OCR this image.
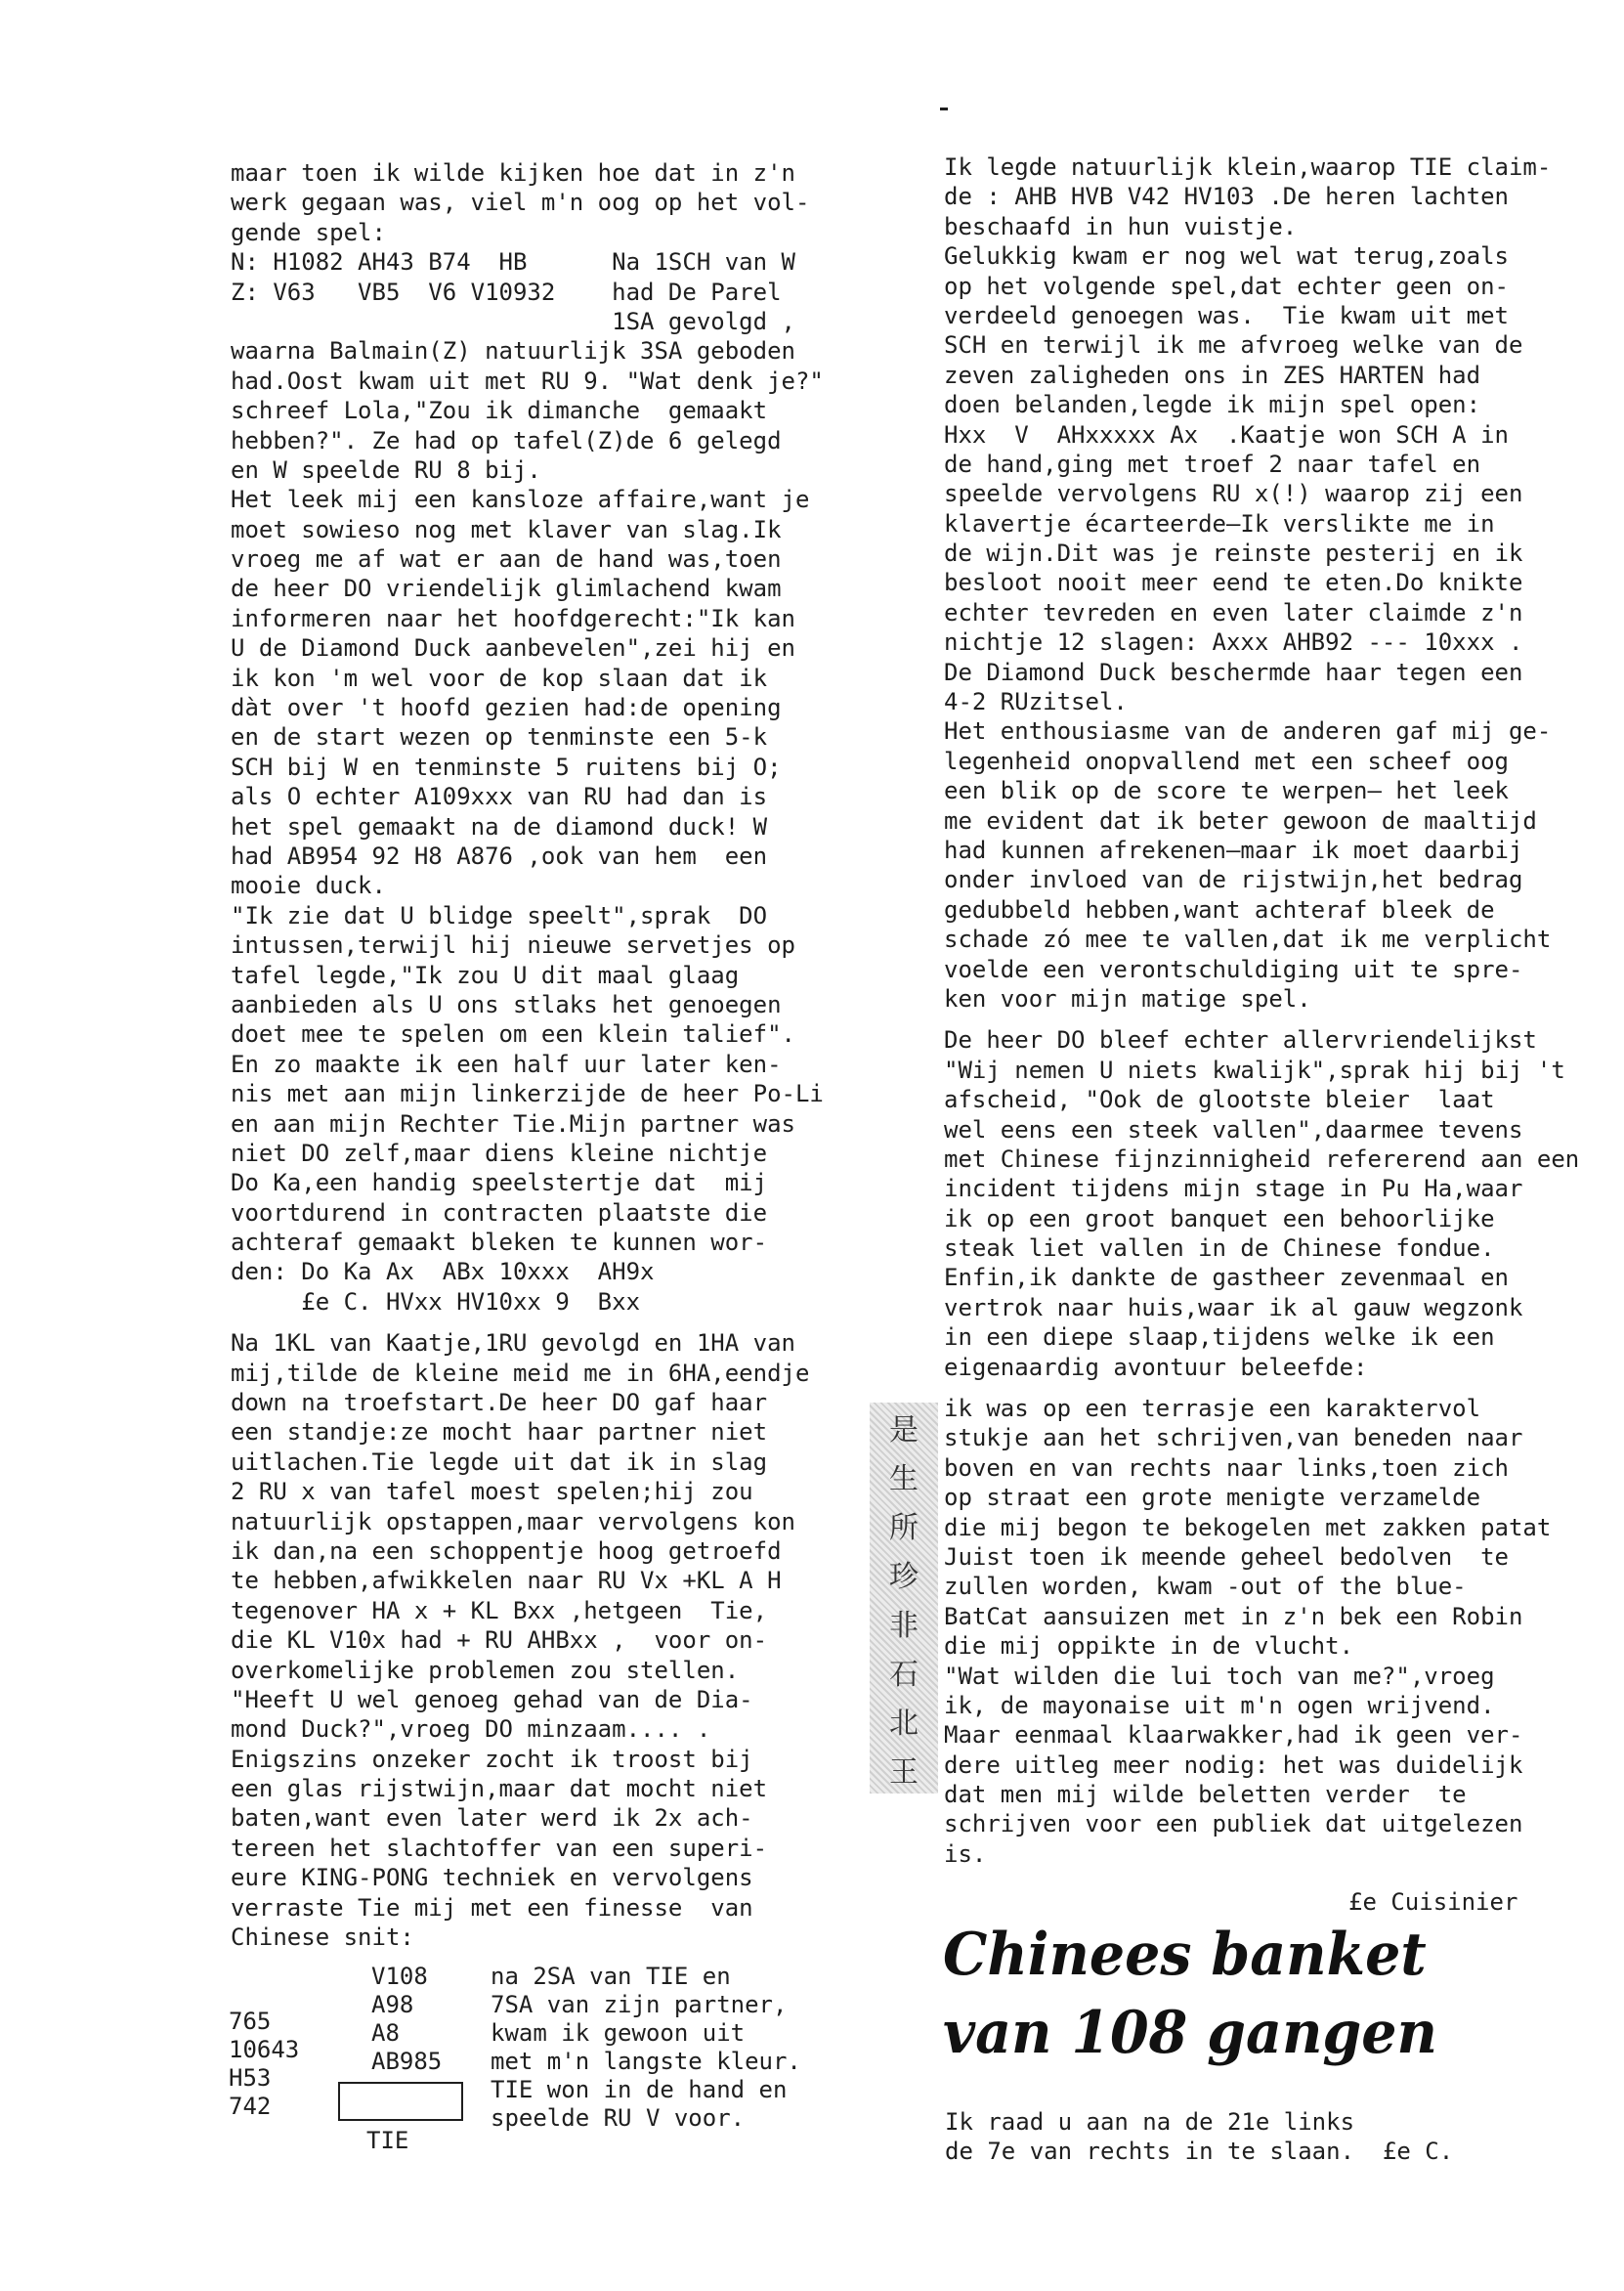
maar toen ik wilde kijken hoe dat in z'n
werk gegaan was, viel m'n oog op het vol-
gende spel:
N: H1082 AH43 B74  HB      Na 1SCH van W
Z: V63   VB5  V6 V10932    had De Parel
1SA gevolgd ,
waarna Balmain(Z) natuurlijk 3SA geboden
had.Oost kwam uit met RU 9. "Wat denk je?"
schreef Lola,"Zou ik dimanche  gemaakt
hebben?". Ze had op tafel(Z)de 6 gelegd
en W speelde RU 8 bij.
Het leek mij een kansloze affaire,want je
moet sowieso nog met klaver van slag.Ik
vroeg me af wat er aan de hand was,toen
de heer DO vriendelijk glimlachend kwam
informeren naar het hoofdgerecht:"Ik kan
U de Diamond Duck aanbevelen",zei hij en
ik kon 'm wel voor de kop slaan dat ik
dàt over 't hoofd gezien had:de opening
en de start wezen op tenminste een 5-k
SCH bij W en tenminste 5 ruitens bij O;
als O echter A109xxx van RU had dan is
het spel gemaakt na de diamond duck! W
had AB954 92 H8 A876 ,ook van hem  een
mooie duck.
"Ik zie dat U blidge speelt",sprak  DO
intussen,terwijl hij nieuwe servetjes op
tafel legde,"Ik zou U dit maal glaag
aanbieden als U ons stlaks het genoegen
doet mee te spelen om een klein talief".
En zo maakte ik een half uur later ken-
nis met aan mijn linkerzijde de heer Po-Li
en aan mijn Rechter Tie.Mijn partner was
niet DO zelf,maar diens kleine nichtje
Do Ka,een handig speelstertje dat  mij
voortdurend in contracten plaatste die
achteraf gemaakt bleken te kunnen wor-
den: Do Ka Ax  ABx 10xxx  AH9x
£e C. HVxx HV10xx 9  Bxx
Na 1KL van Kaatje,1RU gevolgd en 1HA van
mij,tilde de kleine meid me in 6HA,eendje
down na troefstart.De heer DO gaf haar
een standje:ze mocht haar partner niet
uitlachen.Tie legde uit dat ik in slag
2 RU x van tafel moest spelen;hij zou
natuurlijk opstappen,maar vervolgens kon
ik dan,na een schoppentje hoog getroefd
te hebben,afwikkelen naar RU Vx +KL A H
tegenover HA x + KL Bxx ,hetgeen  Tie,
die KL V10x had + RU AHBxx ,  voor on-
overkomelijke problemen zou stellen.
"Heeft U wel genoeg gehad van de Dia-
mond Duck?",vroeg DO minzaam.... .
Enigszins onzeker zocht ik troost bij
een glas rijstwijn,maar dat mocht niet
baten,want even later werd ik 2x ach-
tereen het slachtoffer van een superi-
eure KING-PONG techniek en vervolgens
verraste Tie mij met een finesse  van
Chinese snit:
Ik legde natuurlijk klein,waarop TIE claim-
de : AHB HVB V42 HV103 .De heren lachten
beschaafd in hun vuistje.
Gelukkig kwam er nog wel wat terug,zoals
op het volgende spel,dat echter geen on-
verdeeld genoegen was.  Tie kwam uit met
SCH en terwijl ik me afvroeg welke van de
zeven zaligheden ons in ZES HARTEN had
doen belanden,legde ik mijn spel open:
Hxx  V  AHxxxxx Ax  .Kaatje won SCH A in
de hand,ging met troef 2 naar tafel en
speelde vervolgens RU x(!) waarop zij een
klavertje écarteerde—Ik verslikte me in
de wijn.Dit was je reinste pesterij en ik
besloot nooit meer eend te eten.Do knikte
echter tevreden en even later claimde z'n
nichtje 12 slagen: Axxx AHB92 --- 10xxx .
De Diamond Duck beschermde haar tegen een
4-2 RUzitsel.
Het enthousiasme van de anderen gaf mij ge-
legenheid onopvallend met een scheef oog
een blik op de score te werpen— het leek
me evident dat ik beter gewoon de maaltijd
had kunnen afrekenen—maar ik moet daarbij
onder invloed van de rijstwijn,het bedrag
gedubbeld hebben,want achteraf bleek de
schade zó mee te vallen,dat ik me verplicht
voelde een verontschuldiging uit te spre-
ken voor mijn matige spel.
De heer DO bleef echter allervriendelijkst
"Wij nemen U niets kwalijk",sprak hij bij 't
afscheid, "Ook de glootste bleier  laat
wel eens een steek vallen",daarmee tevens
met Chinese fijnzinnigheid refererend aan een
incident tijdens mijn stage in Pu Ha,waar
ik op een groot banquet een behoorlijke
steak liet vallen in de Chinese fondue.
Enfin,ik dankte de gastheer zevenmaal en
vertrok naar huis,waar ik al gauw wegzonk
in een diepe slaap,tijdens welke ik een
eigenaardig avontuur beleefde:
ik was op een terrasje een karaktervol
stukje aan het schrijven,van beneden naar
boven en van rechts naar links,toen zich
op straat een grote menigte verzamelde
die mij begon te bekogelen met zakken patat
Juist toen ik meende geheel bedolven  te
zullen worden, kwam -out of the blue-
BatCat aansuizen met in z'n bek een Robin
die mij oppikte in de vlucht.
"Wat wilden die lui toch van me?",vroeg
ik, de mayonaise uit m'n ogen wrijvend.
Maar eenmaal klaarwakker,had ik geen ver-
dere uitleg meer nodig: het was duidelijk
dat men mij wilde beletten verder  te
schrijven voor een publiek dat uitgelezen
is.
765
10643
H53
742
V108
A98
A8
AB985
TIE
na 2SA van TIE en
7SA van zijn partner,
kwam ik gewoon uit
met m'n langste kleur.
TIE won in de hand en
speelde RU V voor.
是
生
所
珍
非
石
北
王
£e Cuisinier
Chinees banket
van 108 gangen
Ik raad u aan na de 21e links
de 7e van rechts in te slaan.  £e C.
